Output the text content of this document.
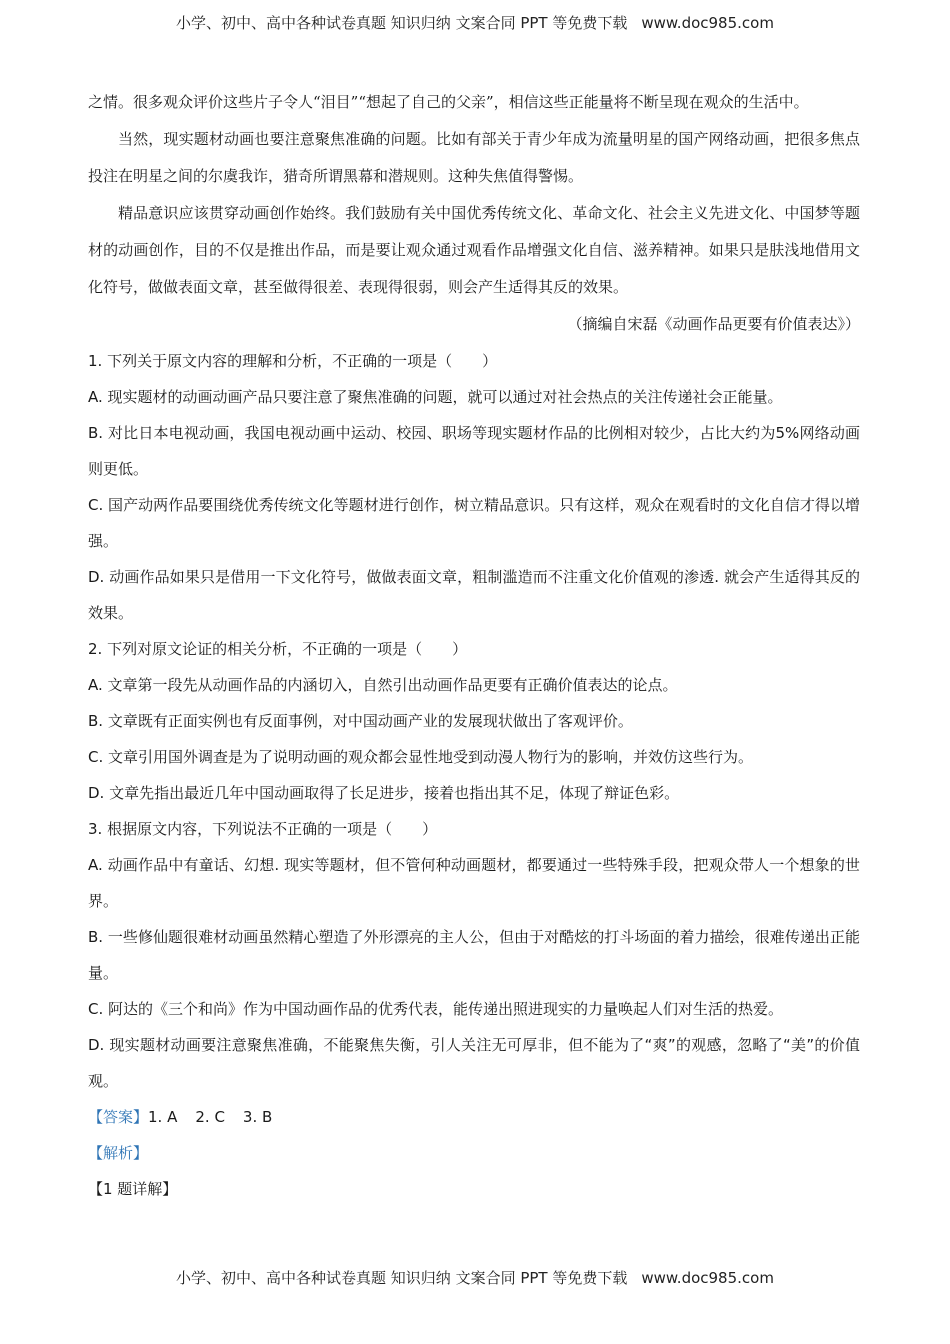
小学、初中、高中各种试卷真题 知识归纳 文案合同 PPT 等免费下载 www.doc985.com

之情。很多观众评价这些片子令人“泪目”“想起了自己的父亲”，相信这些正能量将不断呈现在观众的生活中。

当然，现实题材动画也要注意聚焦准确的问题。比如有部关于青少年成为流量明星的国产网络动画，把很多焦点投注在明星之间的尔虞我诈，猎奇所谓黑幕和潜规则。这种失焦值得警惕。

精品意识应该贯穿动画创作始终。我们鼓励有关中国优秀传统文化、革命文化、社会主义先进文化、中国梦等题材的动画创作，目的不仅是推出作品，而是要让观众通过观看作品增强文化自信、滋养精神。如果只是肤浅地借用文化符号，做做表面文章，甚至做得很差、表现得很弱，则会产生适得其反的效果。

（摘编自宋磊《动画作品更要有价值表达》）

1. 下列关于原文内容的理解和分析，不正确的一项是（　　）

A. 现实题材的动画动画产品只要注意了聚焦准确的问题，就可以通过对社会热点的关注传递社会正能量。

B. 对比日本电视动画，我国电视动画中运动、校园、职场等现实题材作品的比例相对较少，占比大约为5%网络动画则更低。

C. 国产动两作品要围绕优秀传统文化等题材进行创作，树立精品意识。只有这样，观众在观看时的文化自信才得以增强。

D. 动画作品如果只是借用一下文化符号，做做表面文章，粗制滥造而不注重文化价值观的渗透. 就会产生适得其反的效果。

2. 下列对原文论证的相关分析，不正确的一项是（　　）

A. 文章第一段先从动画作品的内涵切入，自然引出动画作品更要有正确价值表达的论点。

B. 文章既有正面实例也有反面事例，对中国动画产业的发展现状做出了客观评价。

C. 文章引用国外调查是为了说明动画的观众都会显性地受到动漫人物行为的影响，并效仿这些行为。

D. 文章先指出最近几年中国动画取得了长足进步，接着也指出其不足，体现了辩证色彩。

3. 根据原文内容，下列说法不正确的一项是（　　）

A. 动画作品中有童话、幻想. 现实等题材，但不管何种动画题材，都要通过一些特殊手段，把观众带人一个想象的世界。

B. 一些修仙题很难材动画虽然精心塑造了外形漂亮的主人公，但由于对酷炫的打斗场面的着力描绘，很难传递出正能量。

C. 阿达的《三个和尚》作为中国动画作品的优秀代表，能传递出照进现实的力量唤起人们对生活的热爱。

D. 现实题材动画要注意聚焦准确，不能聚焦失衡，引人关注无可厚非，但不能为了“爽”的观感，忽略了“美”的价值观。

【答案】1. A 2. C 3. B

【解析】

【1 题详解】

小学、初中、高中各种试卷真题 知识归纳 文案合同 PPT 等免费下载 www.doc985.com
